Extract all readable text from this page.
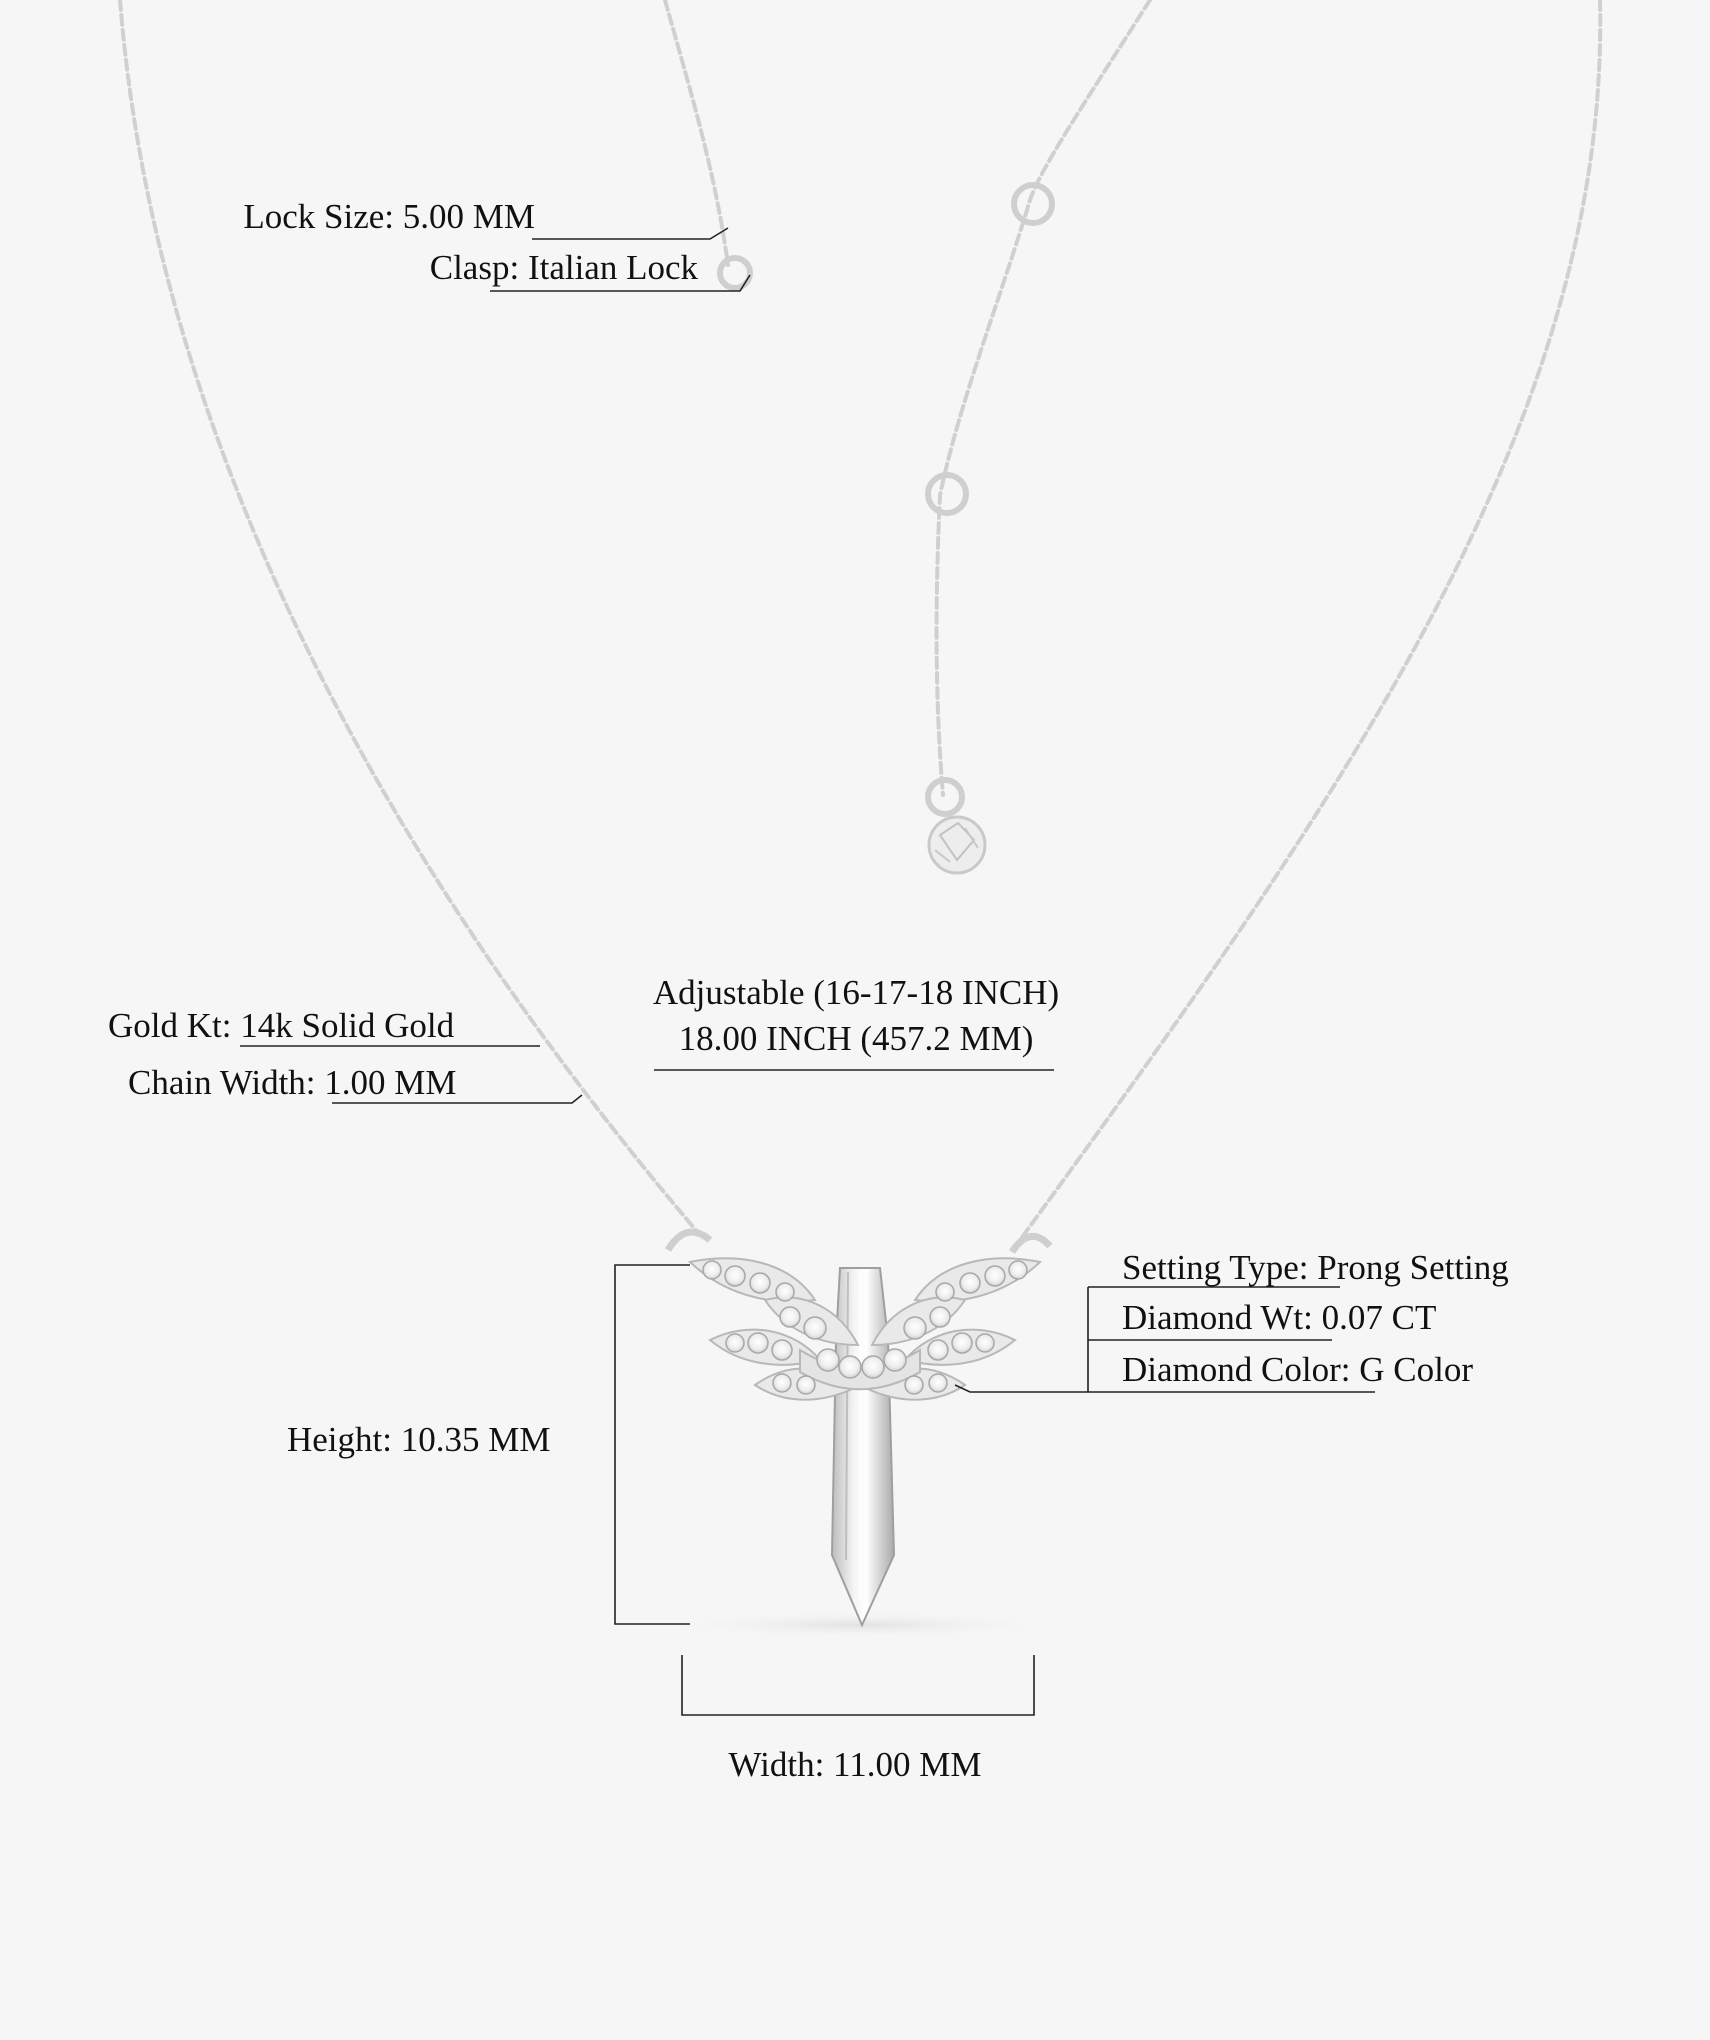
Lock Size: 5.00 MM
Clasp: Italian Lock
Adjustable (16-17-18 INCH)
18.00 INCH (457.2 MM)
Gold Kt: 14k Solid Gold
Chain Width: 1.00 MM
Setting Type: Prong Setting
Diamond Wt: 0.07 CT
Diamond Color: G Color
Height: 10.35 MM
Width: 11.00 MM
